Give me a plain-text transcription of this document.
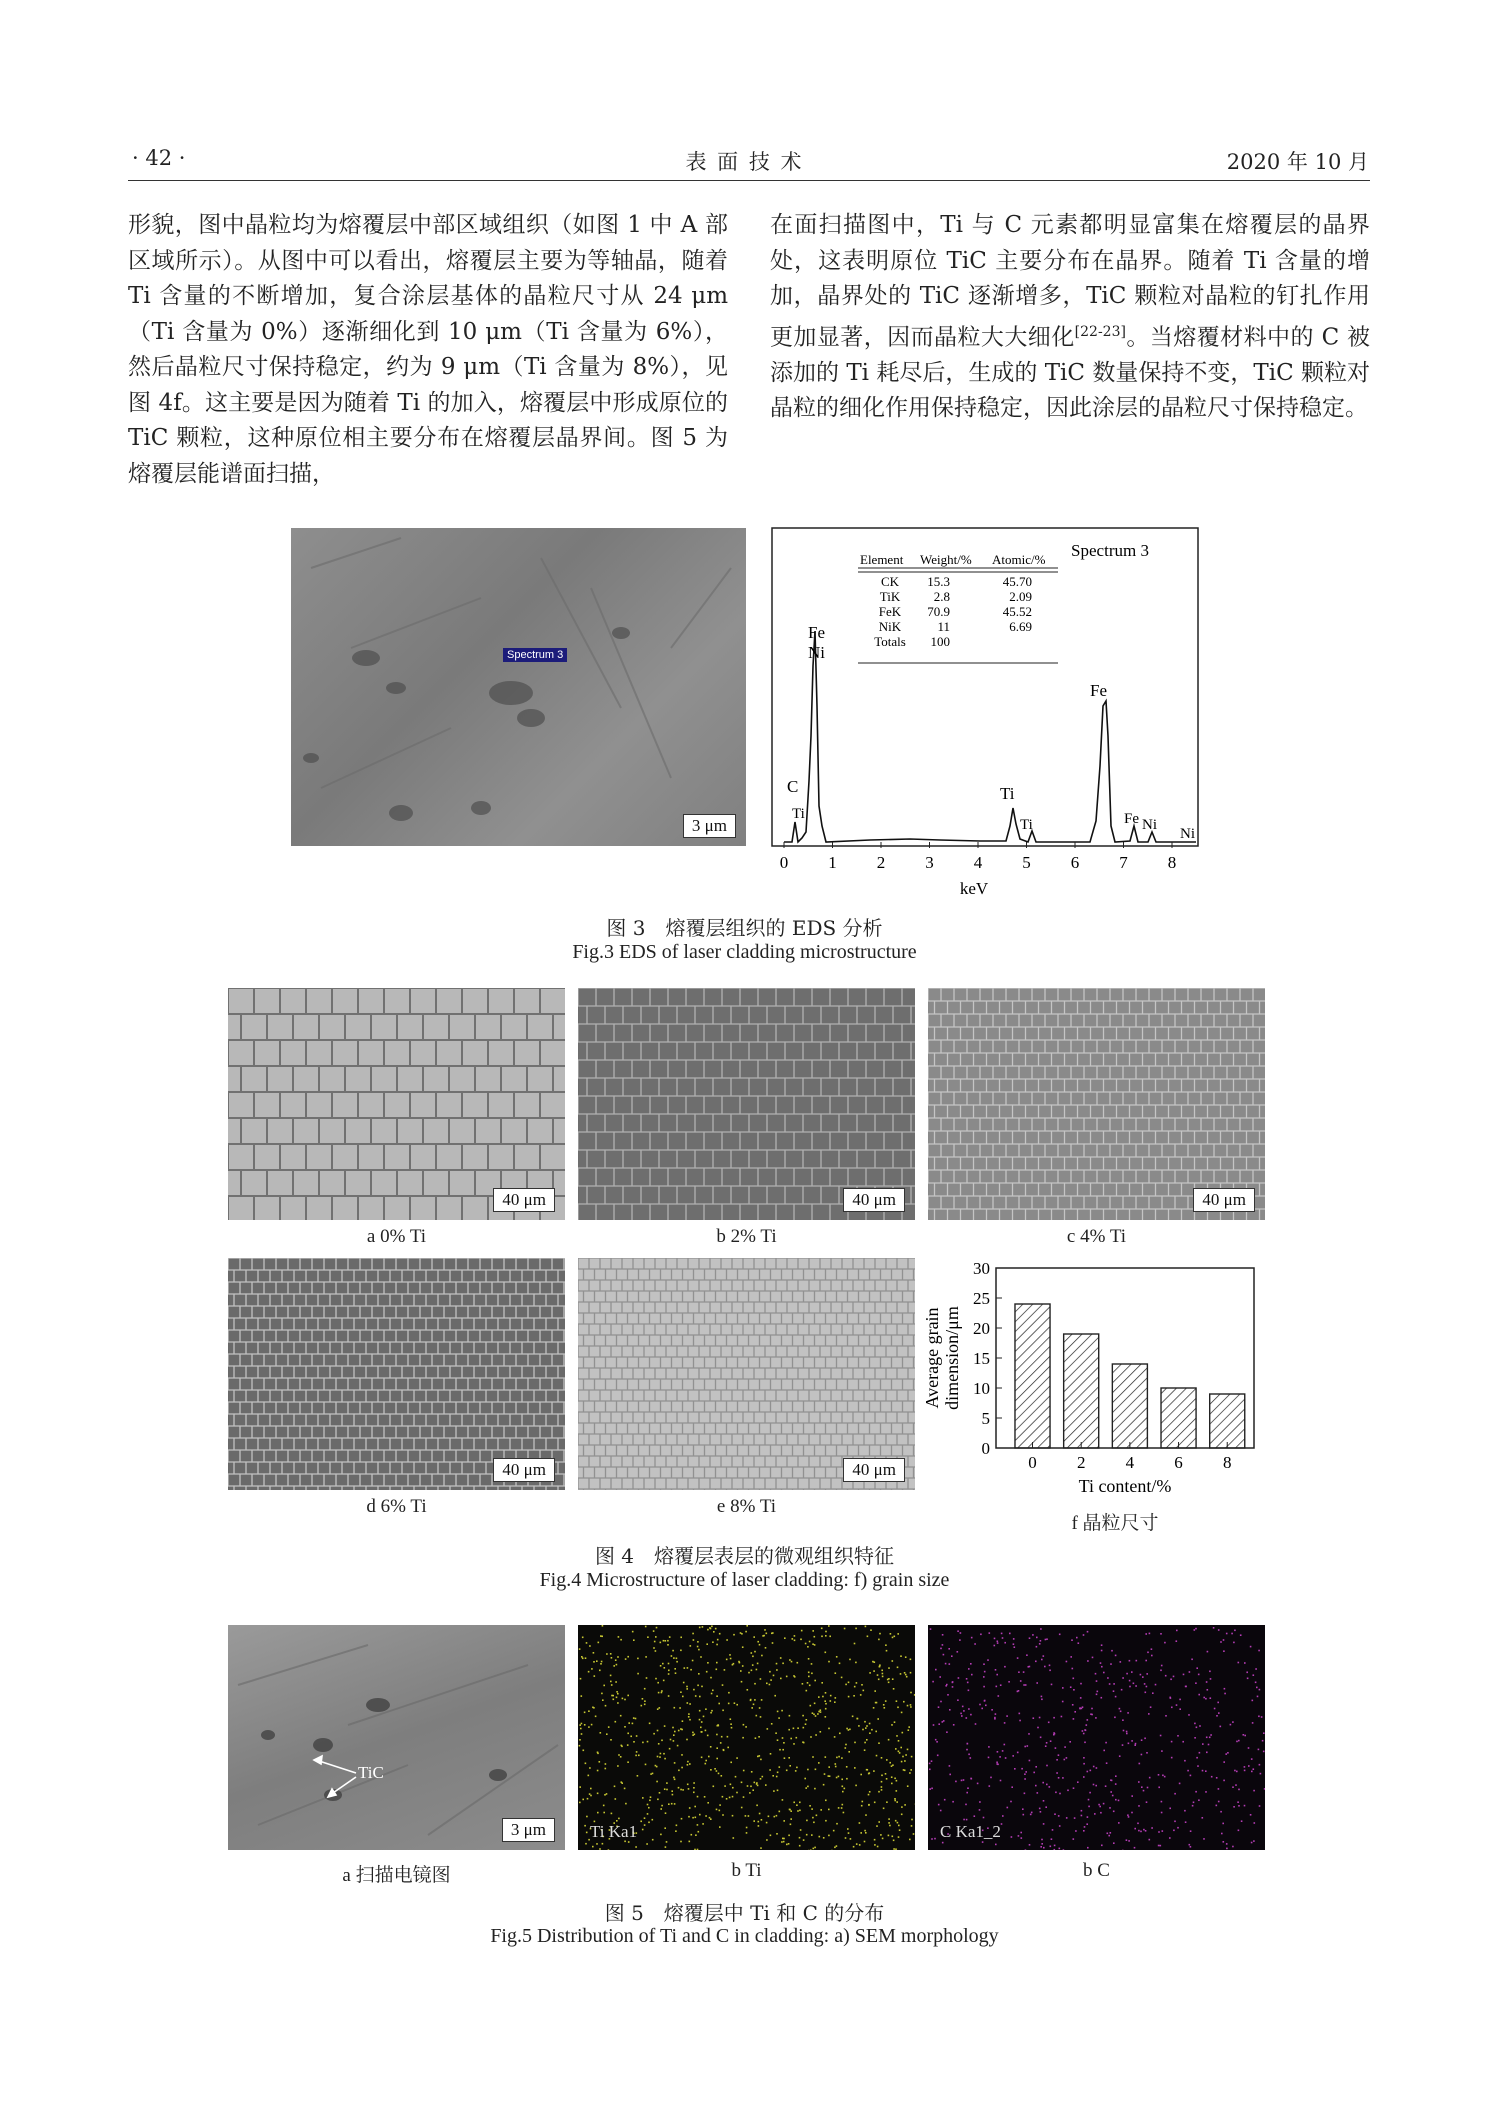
· 42 ·	表 面 技 术	2020 年 10 月

形貌，图中晶粒均为熔覆层中部区域组织（如图 1 中 A 部区域所示）。从图中可以看出，熔覆层主要为等轴晶，随着 Ti 含量的不断增加，复合涂层基体的晶粒尺寸从 24 μm（Ti 含量为 0%）逐渐细化到 10 μm（Ti 含量为 6%），然后晶粒尺寸保持稳定，约为 9 μm（Ti 含量为 8%），见图 4f。这主要是因为随着 Ti 的加入，熔覆层中形成原位的 TiC 颗粒，这种原位相主要分布在熔覆层晶界间。图 5 为熔覆层能谱面扫描，

在面扫描图中，Ti 与 C 元素都明显富集在熔覆层的晶界处，这表明原位 TiC 主要分布在晶界。随着 Ti 含量的增加，晶界处的 TiC 逐渐增多，TiC 颗粒对晶粒的钉扎作用更加显著，因而晶粒大大细化[22-23]。当熔覆材料中的 C 被添加的 Ti 耗尽后，生成的 TiC 数量保持不变，TiC 颗粒对晶粒的细化作用保持稳定，因此涂层的晶粒尺寸保持稳定。

Spectrum 3
3 μm
Spectrum 3
Element Weight/% Atomic/%
CK 15.3	45.70
TiK	2.8	2.09
FeK 70.9	45.52
NiK	11	6.69
Totals 100
Fe
Ni
C
Ti
Ti
Ti
Fe
Fe Ni
Ni
0 1 2 3 4 5 6 7 8
keV
图 3　熔覆层组织的 EDS 分析
Fig.3 EDS of laser cladding microstructure
40 μm
a 0% Ti
40 μm
b 2% Ti
40 μm
c 4% Ti
40 μm
d 6% Ti
40 μm
e 8% Ti
0
5
10
15
20
25
30
0 2 4 6 8
Ti content/%
Average graindimension/μm
f 晶粒尺寸
图 4　熔覆层表层的微观组织特征
Fig.4 Microstructure of laser cladding: f) grain size
TiC
3 μm	Ti Ka1	C Ka1_2
a 扫描电镜图	b Ti	b C
图 5　熔覆层中 Ti 和 C 的分布
Fig.5 Distribution of Ti and C in cladding: a) SEM morphology
